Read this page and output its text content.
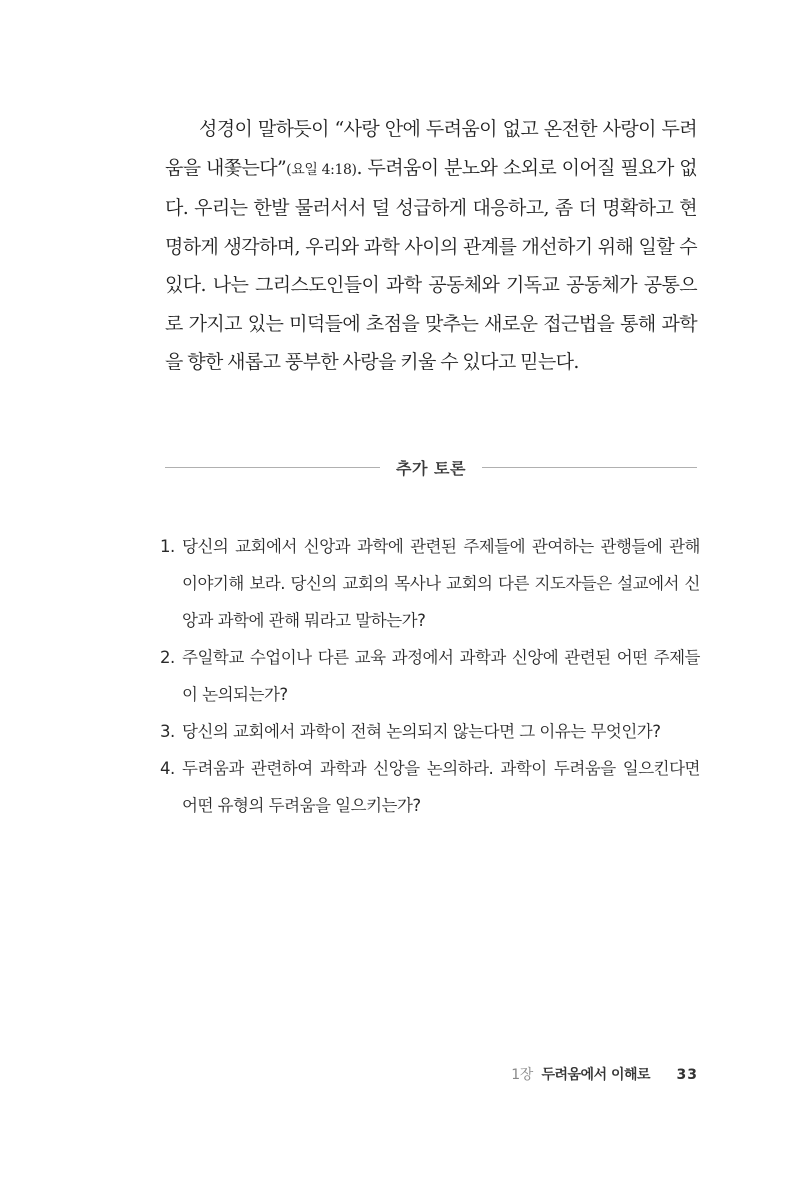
성경이 말하듯이 “사랑 안에 두려움이 없고 온전한 사랑이 두려움을 내쫓는다”(요일 4:18). 두려움이 분노와 소외로 이어질 필요가 없다. 우리는 한발 물러서서 덜 성급하게 대응하고, 좀 더 명확하고 현명하게 생각하며, 우리와 과학 사이의 관계를 개선하기 위해 일할 수 있다. 나는 그리스도인들이 과학 공동체와 기독교 공동체가 공통으로 가지고 있는 미덕들에 초점을 맞추는 새로운 접근법을 통해 과학을 향한 새롭고 풍부한 사랑을 키울 수 있다고 믿는다.

추가 토론
1. 당신의 교회에서 신앙과 과학에 관련된 주제들에 관여하는 관행들에 관해 이야기해 보라. 당신의 교회의 목사나 교회의 다른 지도자들은 설교에서 신앙과 과학에 관해 뭐라고 말하는가?
2. 주일학교 수업이나 다른 교육 과정에서 과학과 신앙에 관련된 어떤 주제들이 논의되는가?
3. 당신의 교회에서 과학이 전혀 논의되지 않는다면 그 이유는 무엇인가?
4. 두려움과 관련하여 과학과 신앙을 논의하라. 과학이 두려움을 일으킨다면 어떤 유형의 두려움을 일으키는가?
1장 두려움에서 이해로 33
